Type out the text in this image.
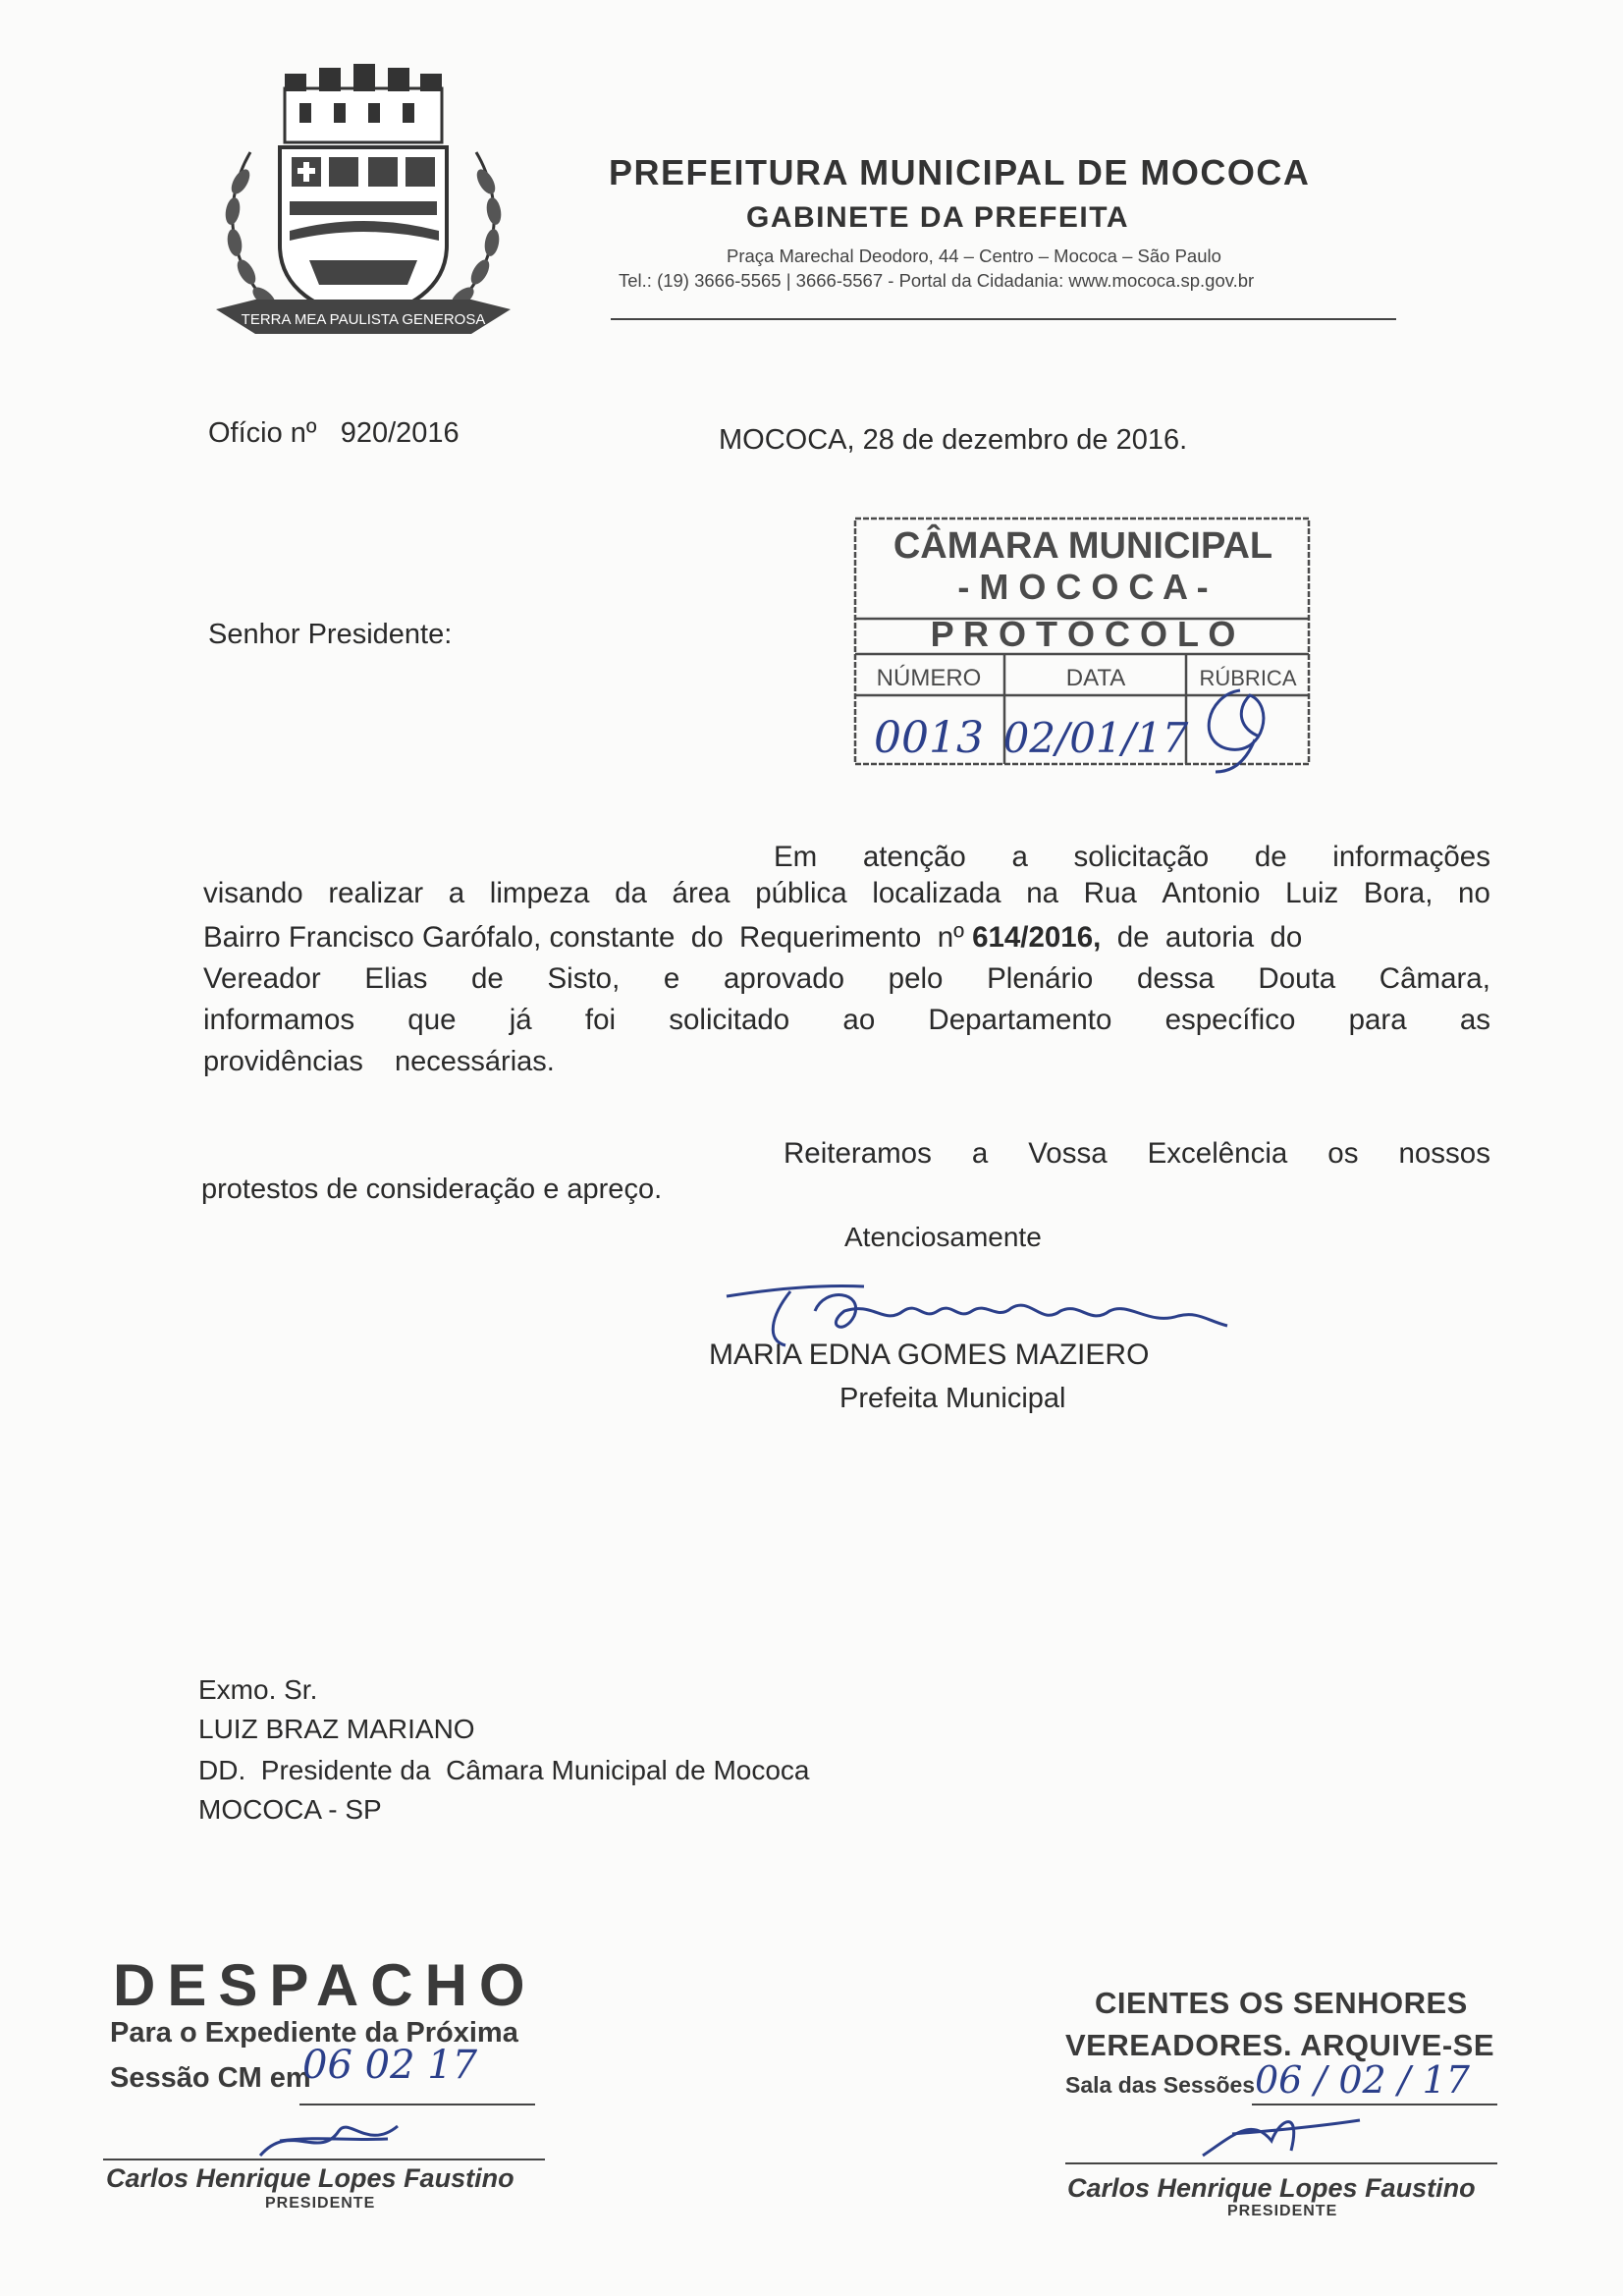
TERRA MEA PAULISTA GENEROSA
PREFEITURA MUNICIPAL DE MOCOCA
GABINETE DA PREFEITA
Praça Marechal Deodoro, 44 – Centro – Mococa – São Paulo
Tel.: (19) 3666-5565 | 3666-5567 - Portal da Cidadania: www.mococa.sp.gov.br
Ofício nº 920/2016	MOCOCA, 28 de dezembro de 2016.
Senhor Presidente:
CÂMARA MUNICIPAL
- M O C O C A -
P R O T O C O L O
NÚMERO	DATA	RÚBRICA
0013 02/01/17
Em atenção a solicitação de informações
visando realizar a limpeza da área pública localizada na Rua Antonio Luiz Bora, no
Bairro Francisco Garófalo, constante  do  Requerimento  nº 614/2016,  de  autoria  do
Vereador Elias de Sisto, e aprovado pelo Plenário dessa Douta Câmara,
informamos que já foi solicitado ao Departamento específico para as
providências    necessárias.
Reiteramos a Vossa Excelência os nossos
protestos de consideração e apreço.
Atenciosamente
MARIA EDNA GOMES MAZIERO
Prefeita Municipal
Exmo. Sr.
LUIZ BRAZ MARIANO
DD.  Presidente da  Câmara Municipal de Mococa
MOCOCA - SP
DESPACHO
Para o Expediente da Próxima
Sessão CM em
06 02 17
Carlos Henrique Lopes Faustino
PRESIDENTE
CIENTES OS SENHORES
VEREADORES. ARQUIVE-SE
Sala das Sessões 06 / 02 / 17
Carlos Henrique Lopes Faustino
PRESIDENTE
